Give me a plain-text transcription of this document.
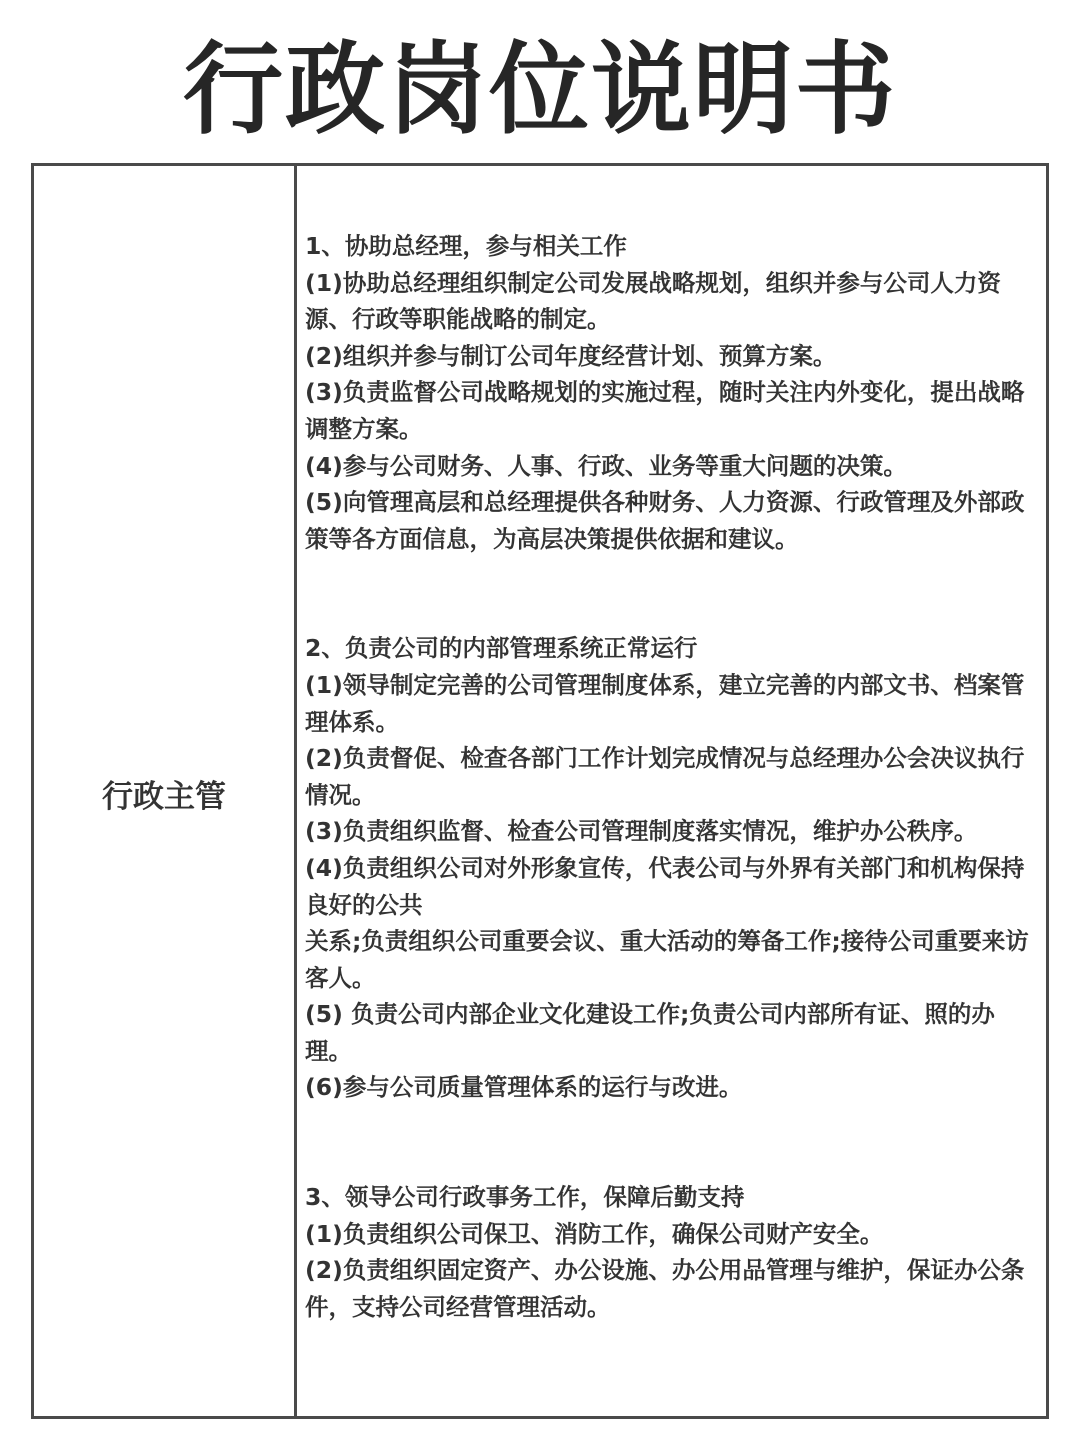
行政岗位说明书
行政主管

1、协助总经理，参与相关工作

(1)协助总经理组织制定公司发展战略规划，组织并参与公司人力资源、行政等职能战略的制定。

(2)组织并参与制订公司年度经营计划、预算方案。

(3)负责监督公司战略规划的实施过程，随时关注内外变化，提出战略调整方案。

(4)参与公司财务、人事、行政、业务等重大问题的决策。

(5)向管理高层和总经理提供各种财务、人力资源、行政管理及外部政策等各方面信息，为高层决策提供依据和建议。

2、负责公司的内部管理系统正常运行

(1)领导制定完善的公司管理制度体系，建立完善的内部文书、档案管理体系。

(2)负责督促、检查各部门工作计划完成情况与总经理办公会决议执行情况。

(3)负责组织监督、检查公司管理制度落实情况，维护办公秩序。

(4)负责组织公司对外形象宣传，代表公司与外界有关部门和机构保持良好的公共
关系;负责组织公司重要会议、重大活动的筹备工作;接待公司重要来访客人。

(5) 负责公司内部企业文化建设工作;负责公司内部所有证、照的办理。

(6)参与公司质量管理体系的运行与改进。

3、领导公司行政事务工作，保障后勤支持

(1)负责组织公司保卫、消防工作，确保公司财产安全。

(2)负责组织固定资产、办公设施、办公用品管理与维护，保证办公条件，支持公司经营管理活动。
